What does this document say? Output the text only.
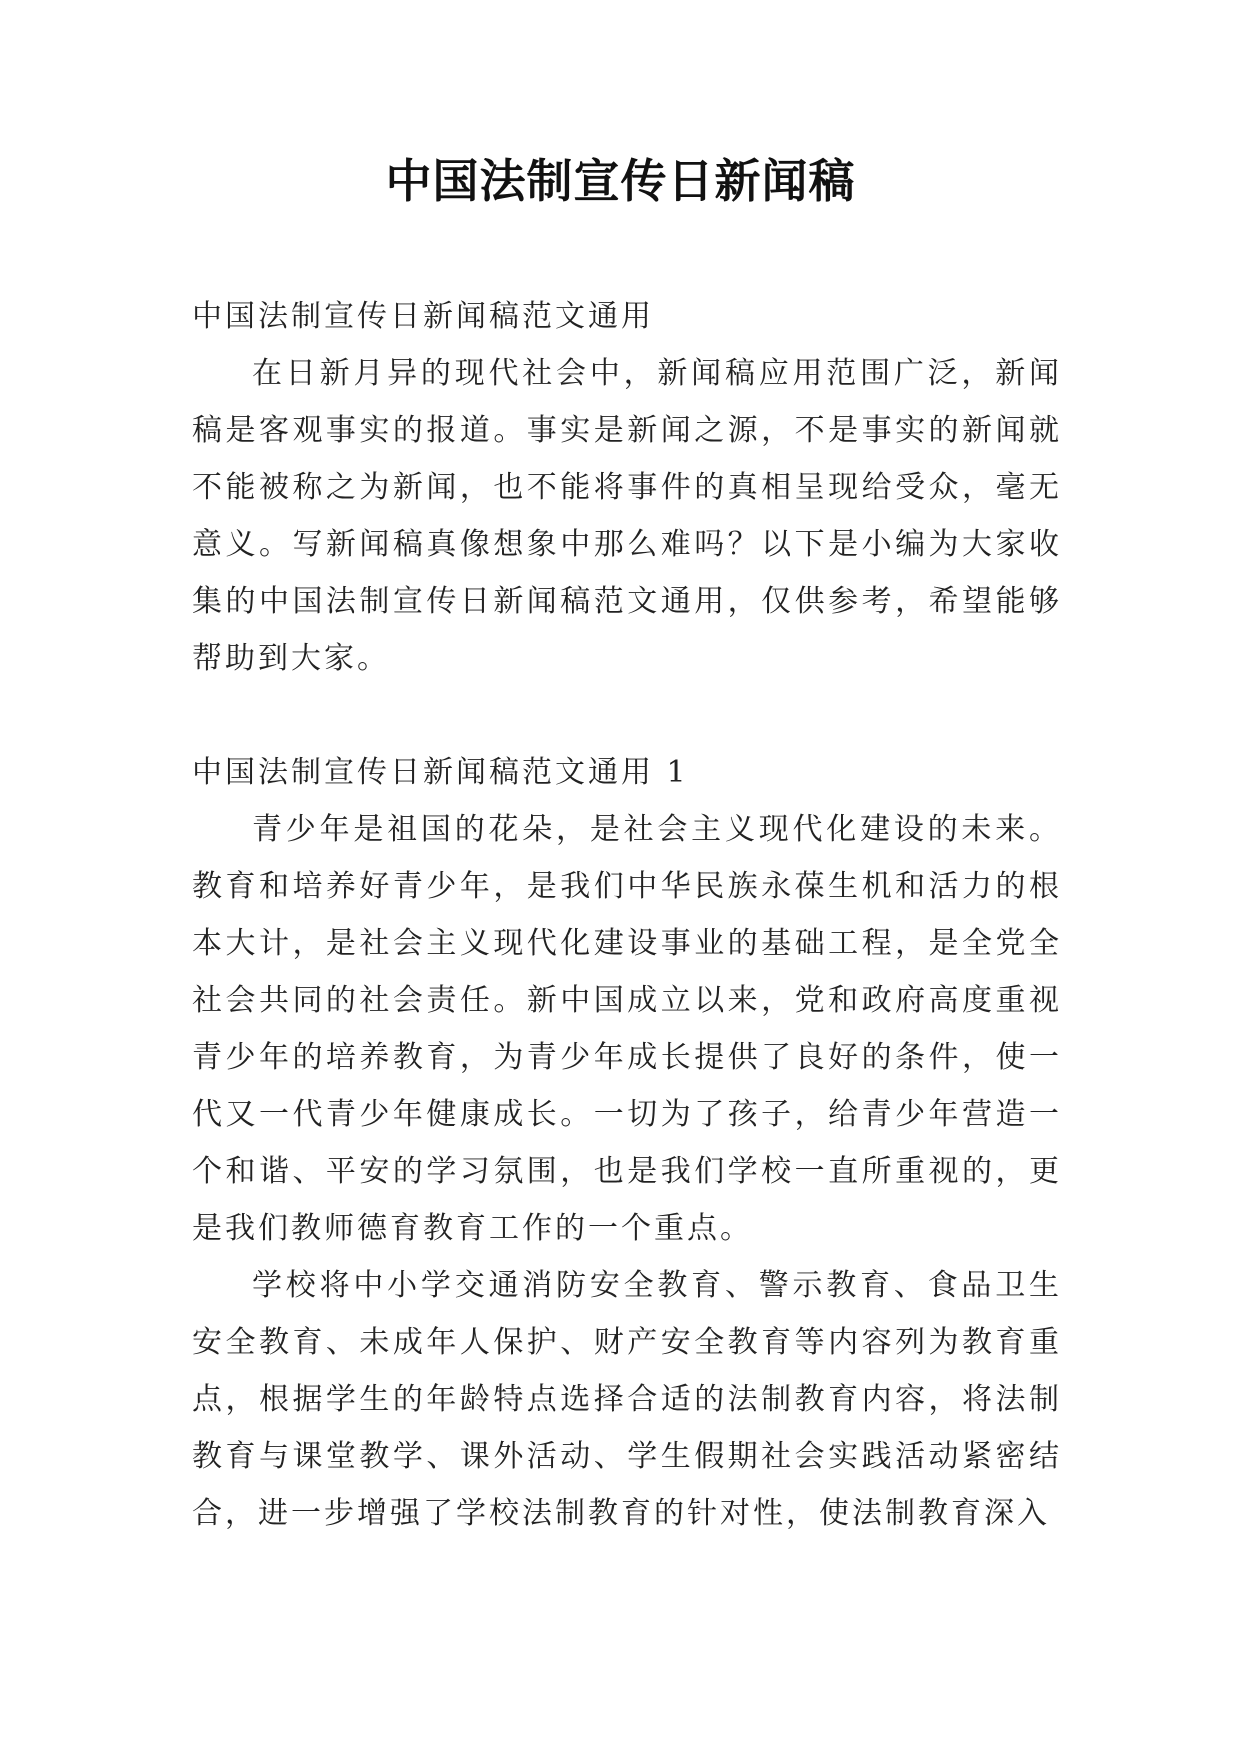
中国法制宣传日新闻稿

中国法制宣传日新闻稿范文通用

在日新月异的现代社会中，新闻稿应用范围广泛，新闻稿是客观事实的报道。事实是新闻之源，不是事实的新闻就不能被称之为新闻，也不能将事件的真相呈现给受众，毫无意义。写新闻稿真像想象中那么难吗？以下是小编为大家收集的中国法制宣传日新闻稿范文通用，仅供参考，希望能够帮助到大家。

中国法制宣传日新闻稿范文通用 1

青少年是祖国的花朵，是社会主义现代化建设的未来。教育和培养好青少年，是我们中华民族永葆生机和活力的根本大计，是社会主义现代化建设事业的基础工程，是全党全社会共同的社会责任。新中国成立以来，党和政府高度重视青少年的培养教育，为青少年成长提供了良好的条件，使一代又一代青少年健康成长。一切为了孩子，给青少年营造一个和谐、平安的学习氛围，也是我们学校一直所重视的，更是我们教师德育教育工作的一个重点。

学校将中小学交通消防安全教育、警示教育、食品卫生安全教育、未成年人保护、财产安全教育等内容列为教育重点，根据学生的年龄特点选择合适的法制教育内容，将法制教育与课堂教学、课外活动、学生假期社会实践活动紧密结合，进一步增强了学校法制教育的针对性，使法制教育深入
